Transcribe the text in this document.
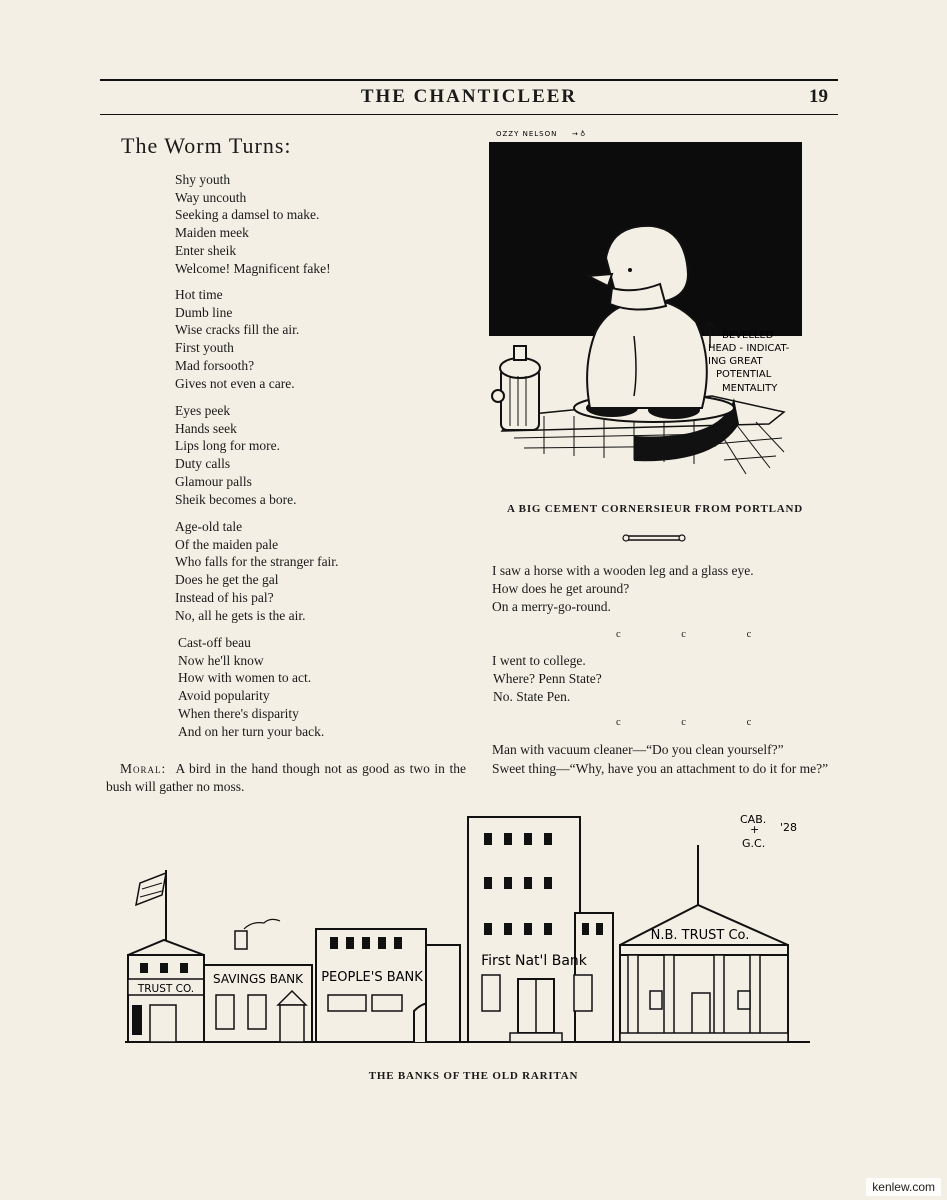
THE CHANTICLEER	19
The Worm Turns:
Shy youth
Way uncouth
Seeking a damsel to make.
Maiden meek
Enter sheik
Welcome! Magnificent fake!
Hot time
Dumb line
Wise cracks fill the air.
First youth
Mad forsooth?
Gives not even a care.
Eyes peek
Hands seek
Lips long for more.
Duty calls
Glamour palls
Sheik becomes a bore.
Age-old tale
Of the maiden pale
Who falls for the stranger fair.
Does he get the gal
Instead of his pal?
No, all he gets is the air.
Cast-off beau
Now he'll know
How with women to act.
Avoid popularity
When there's disparity
And on her turn your back.
Moral: A bird in the hand though not as good as two in the bush will gather no moss.
OZZY NELSON → ♁
BEVELLED
HEAD - INDICAT-
ING GREAT
POTENTIAL
MENTALITY
A BIG CEMENT CORNERSIEUR FROM PORTLAND
I saw a horse with a wooden leg and a glass eye.
How does he get around?
On a merry-go-round.
c c c
I went to college.
Where? Penn State?
No. State Pen.
c c c
Man with vacuum cleaner—“Do you clean yourself?”
Sweet thing—“Why, have you an attachment to do it for me?”
CAB.
+
G.C.
'28
TRUST CO.
SAVINGS BANK PEOPLE'S BANK
First Nat'l Bank
N.B. TRUST Co.
THE BANKS OF THE OLD RARITAN
kenlew.com
